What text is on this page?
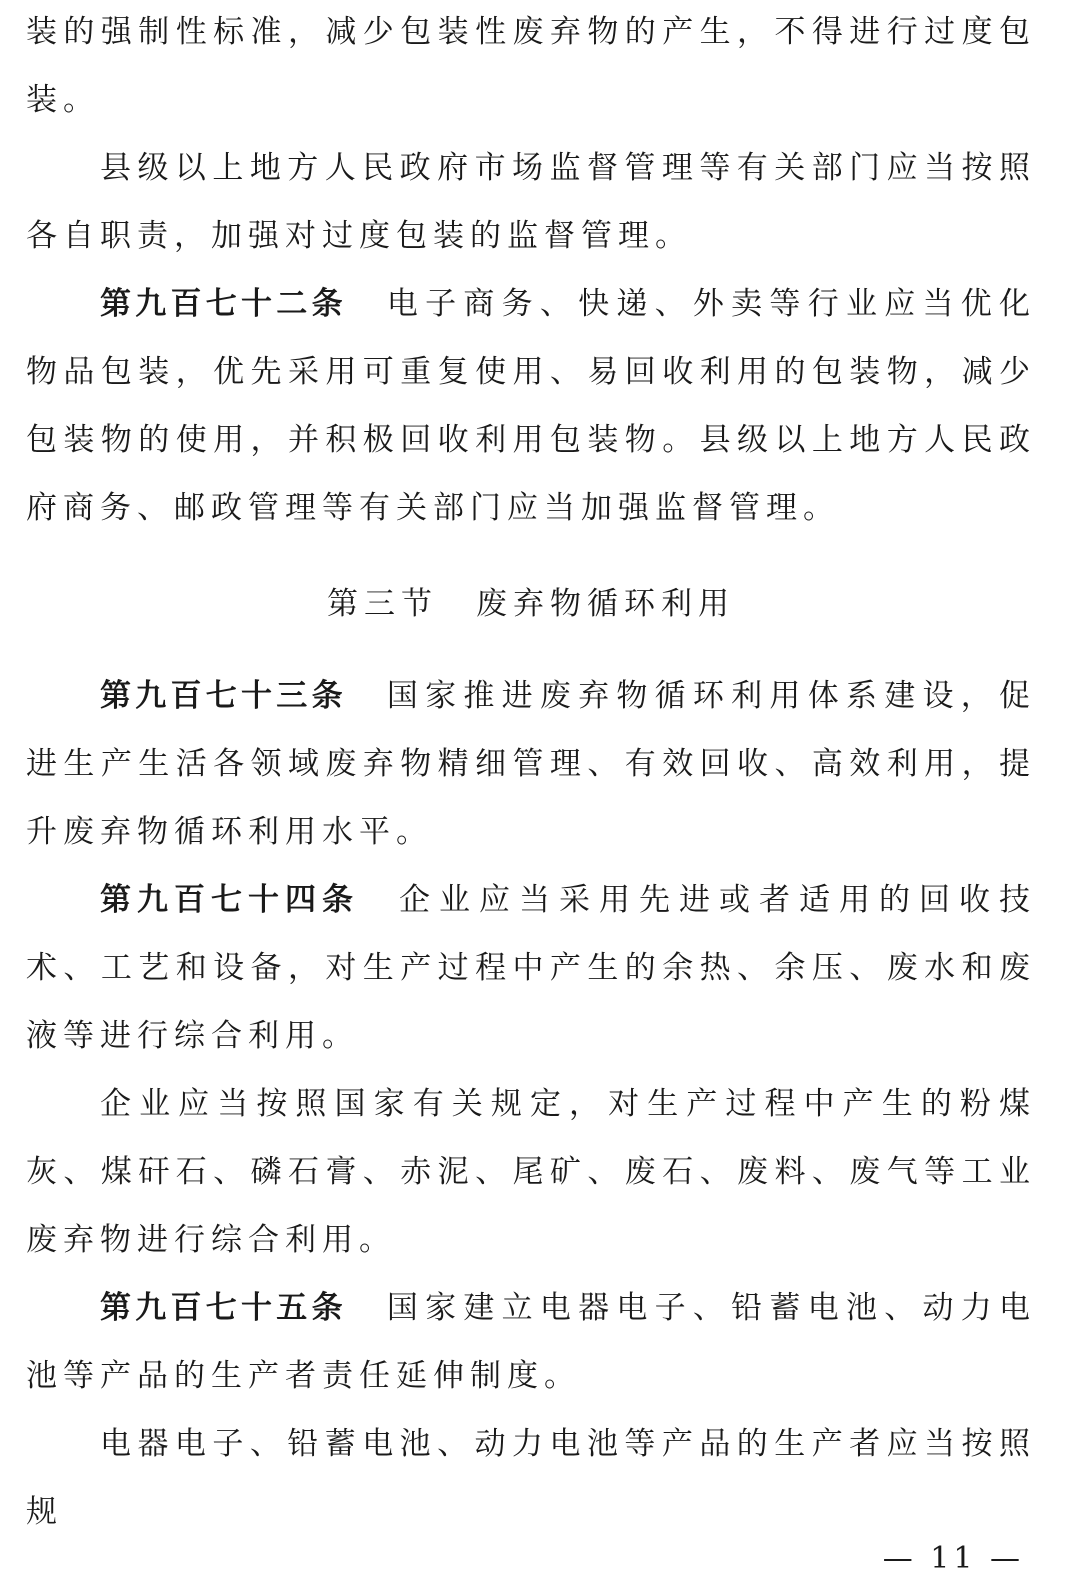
装的强制性标准，减少包装性废弃物的产生，不得进行过度包装。

县级以上地方人民政府市场监督管理等有关部门应当按照各自职责，加强对过度包装的监督管理。

第九百七十二条 电子商务、快递、外卖等行业应当优化物品包装，优先采用可重复使用、易回收利用的包装物，减少包装物的使用，并积极回收利用包装物。县级以上地方人民政府商务、邮政管理等有关部门应当加强监督管理。

第三节 废弃物循环利用

第九百七十三条 国家推进废弃物循环利用体系建设，促进生产生活各领域废弃物精细管理、有效回收、高效利用，提升废弃物循环利用水平。

第九百七十四条 企业应当采用先进或者适用的回收技术、工艺和设备，对生产过程中产生的余热、余压、废水和废液等进行综合利用。

企业应当按照国家有关规定，对生产过程中产生的粉煤灰、煤矸石、磷石膏、赤泥、尾矿、废石、废料、废气等工业废弃物进行综合利用。

第九百七十五条 国家建立电器电子、铅蓄电池、动力电池等产品的生产者责任延伸制度。

电器电子、铅蓄电池、动力电池等产品的生产者应当按照规

— 11 —
